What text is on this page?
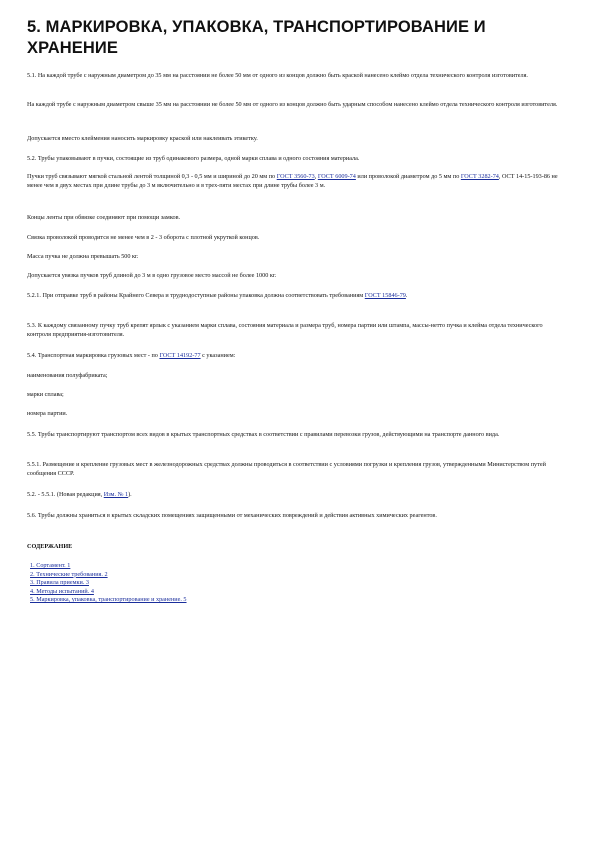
5. МАРКИРОВКА, УПАКОВКА, ТРАНСПОРТИРОВАНИЕ И ХРАНЕНИЕ
5.1. На каждой трубе с наружным диаметром до 35 мм на расстоянии не более 50 мм от одного из концов должно быть краской нанесено клеймо отдела технического контроля изготовителя.
На каждой трубе с наружным диаметром свыше 35 мм на расстоянии не более 50 мм от одного из концов должно быть ударным способом нанесено клеймо отдела технического контроля изготовителя.
Допускается вместо клеймения наносить маркировку краской или наклеивать этикетку.
5.2. Трубы упаковывают в пучки, состоящие из труб одинакового размера, одной марки сплава и одного состояния материала.
Пучки труб связывают мягкой стальной лентой толщиной 0,3 - 0,5 мм и шириной до 20 мм по ГОСТ 3560-73, ГОСТ 6009-74 или проволокой диаметром до 5 мм по ГОСТ 3282-74, ОСТ 14-15-193-86 не менее чем в двух местах при длине трубы до 3 м включительно и в трех-пяти местах при длине трубы более 3 м.
Концы ленты при обвязке соединяют при помощи замков.
Связка проволокой проводится не менее чем в 2 - 3 оборота с плотной укруткой концов.
Масса пучка не должна превышать 500 кг.
Допускается увязка пучков труб длиной до 3 м в одно грузовое место массой не более 1000 кг.
5.2.1. При отправке труб в районы Крайнего Севера и труднодоступные районы упаковка должна соответствовать требованиям ГОСТ 15846-79.
5.3. К каждому связанному пучку труб крепят ярлык с указанием марки сплава, состояния материала и размера труб, номера партии или штампа, массы-нетто пучка и клейма отдела технического контроля предприятия-изготовителя.
5.4. Транспортная маркировка грузовых мест - по ГОСТ 14192-77 с указанием:
наименования полуфабриката;
марки сплава;
номера партии.
5.5. Трубы транспортируют транспортом всех видов в крытых транспортных средствах в соответствии с правилами перевозки грузов, действующими на транспорте данного вида.
5.5.1. Размещение и крепление грузовых мест в железнодорожных средствах должны проводиться в соответствии с условиями погрузки и крепления грузов, утвержденными Министерством путей сообщения СССР.
5.2. - 5.5.1. (Новая редакция, Изм. № 1).
5.6. Трубы должны храниться в крытых складских помещениях защищенными от механических повреждений и действия активных химических реагентов.
СОДЕРЖАНИЕ
1. Сортамент. 1
2. Технические требования. 2
3. Правила приемки. 3
4. Методы испытаний. 4
5. Маркировка, упаковка, транспортирование и хранение. 5
